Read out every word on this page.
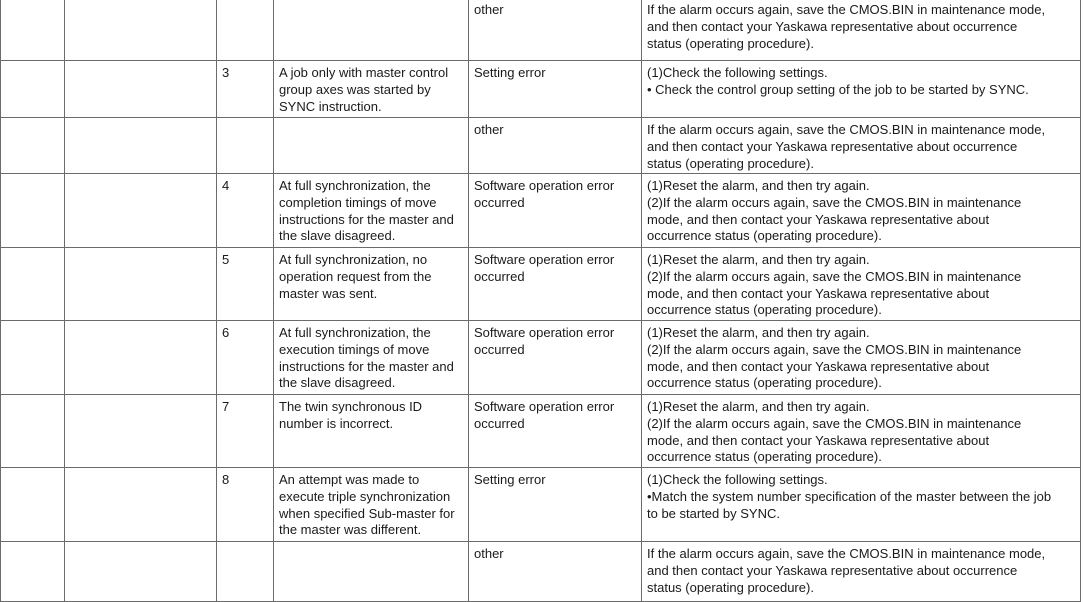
				other	If the alarm occurs again, save the CMOS.BIN in maintenance mode,
and then contact your Yaskawa representative about occurrence
status (operating procedure).

		3	A job only with master control group axes was started by SYNC instruction.	Setting error	(1)Check the following settings.
• Check the control group setting of the job to be started by SYNC.

				other	If the alarm occurs again, save the CMOS.BIN in maintenance mode,
and then contact your Yaskawa representative about occurrence
status (operating procedure).

		4	At full synchronization, the completion timings of move instructions for the master and the slave disagreed.	Software operation error occurred	(1)Reset the alarm, and then try again.
(2)If the alarm occurs again, save the CMOS.BIN in maintenance
mode, and then contact your Yaskawa representative about
occurrence status (operating procedure).

		5	At full synchronization, no operation request from the master was sent.	Software operation error occurred	(1)Reset the alarm, and then try again.
(2)If the alarm occurs again, save the CMOS.BIN in maintenance
mode, and then contact your Yaskawa representative about
occurrence status (operating procedure).

		6	At full synchronization, the execution timings of move instructions for the master and the slave disagreed.	Software operation error occurred	(1)Reset the alarm, and then try again.
(2)If the alarm occurs again, save the CMOS.BIN in maintenance
mode, and then contact your Yaskawa representative about
occurrence status (operating procedure).

		7	The twin synchronous ID number is incorrect.	Software operation error occurred	(1)Reset the alarm, and then try again.
(2)If the alarm occurs again, save the CMOS.BIN in maintenance
mode, and then contact your Yaskawa representative about
occurrence status (operating procedure).

		8	An attempt was made to execute triple synchronization when specified Sub-master for the master was different.	Setting error	(1)Check the following settings.
•Match the system number specification of the master between the job
to be started by SYNC.

				other	If the alarm occurs again, save the CMOS.BIN in maintenance mode,
and then contact your Yaskawa representative about occurrence
status (operating procedure).
